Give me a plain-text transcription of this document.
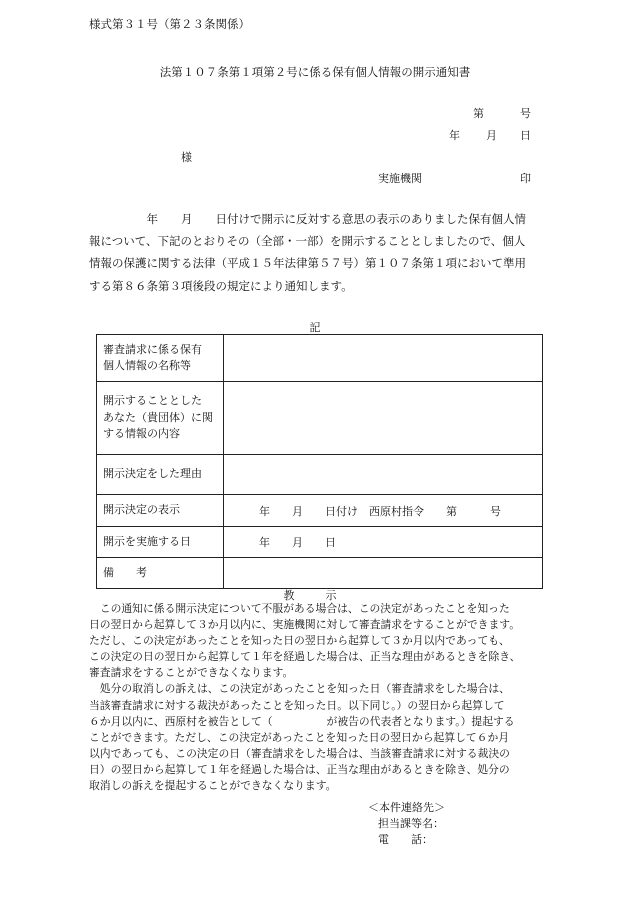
様式第３１号（第２３条関係）
法第１０７条第１項第２号に係る保有個人情報の開示通知書
第	号
年 月 日
様
実施機関	印
　　　　　年　　月　　日付けで開示に反対する意思の表示のありました保有個人情
報について、下記のとおりその（全部・一部）を開示することとしましたので、個人
情報の保護に関する法律（平成１５年法律第５７号）第１０７条第１項において準用
する第８６条第３項後段の規定により通知します。
記
審査請求に係る保有
個人情報の名称等	

開示することとした
あなた（貴団体）に関
する情報の内容	

開示決定をした理由	

開示決定の表示	年　　月　　日付け　西原村指令　　第　　　号

開示を実施する日	年　　月　　日

備　　考	

教　示
　この通知に係る開示決定について不服がある場合は、この決定があったことを知った
日の翌日から起算して３か月以内に、実施機関に対して審査請求をすることができます。
ただし、この決定があったことを知った日の翌日から起算して３か月以内であっても、
この決定の日の翌日から起算して１年を経過した場合は、正当な理由があるときを除き、
審査請求をすることができなくなります。
　処分の取消しの訴えは、この決定があったことを知った日（審査請求をした場合は、
当該審査請求に対する裁決があったことを知った日。以下同じ。）の翌日から起算して
６か月以内に、西原村を被告として（　　　　　が被告の代表者となります。）提起する
ことができます。ただし、この決定があったことを知った日の翌日から起算して６か月
以内であっても、この決定の日（審査請求をした場合は、当該審査請求に対する裁決の
日）の翌日から起算して１年を経過した場合は、正当な理由があるときを除き、処分の
取消しの訴えを提起することができなくなります。
＜本件連絡先＞
担当課等名：
電　　話：
